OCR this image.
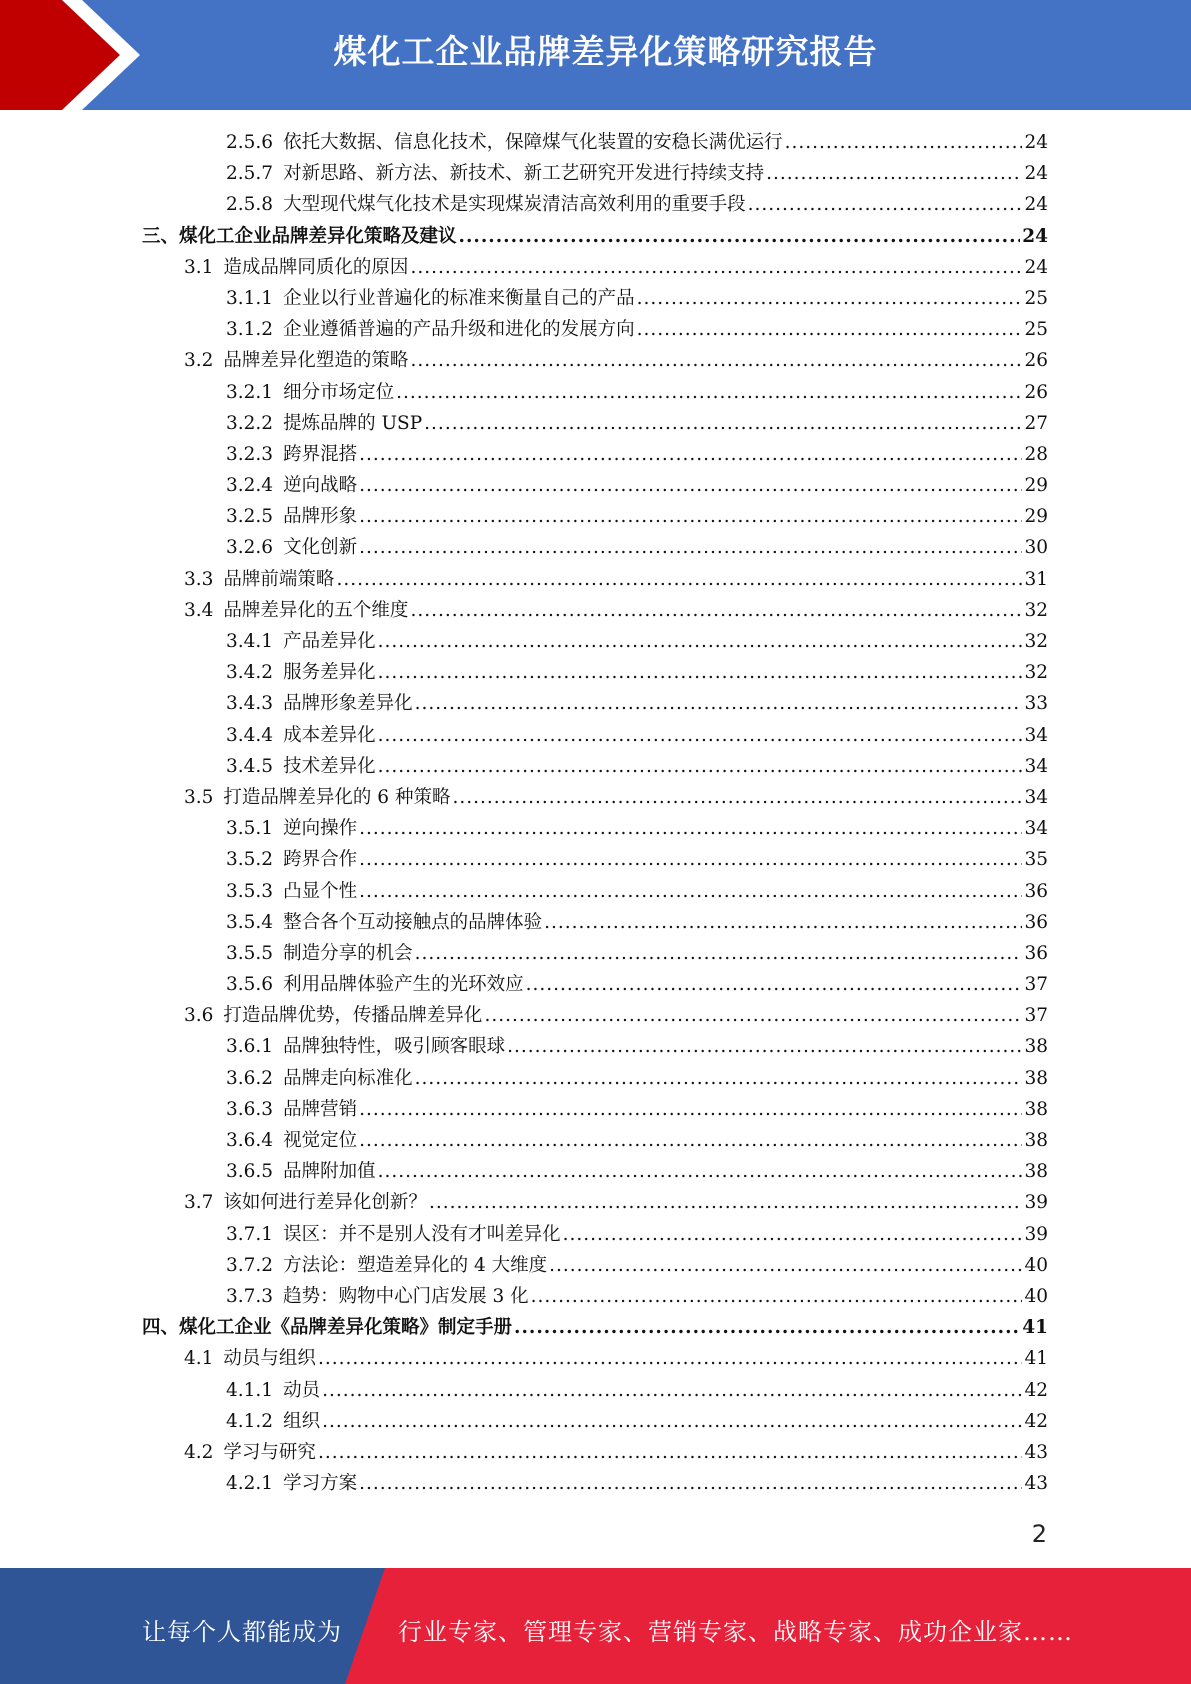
煤化工企业品牌差异化策略研究报告
2.5.6 依托大数据、信息化技术，保障煤气化装置的安稳长满优运行 .....	24
2.5.7 对新思路、新方法、新技术、新工艺研究开发进行持续支持 .....	24
2.5.8 大型现代煤气化技术是实现煤炭清洁高效利用的重要手段 .....	24
三、煤化工企业品牌差异化策略及建议 .....	24
3.1 造成品牌同质化的原因 .....	24
3.1.1 企业以行业普遍化的标准来衡量自己的产品 .....	25
3.1.2 企业遵循普遍的产品升级和进化的发展方向 .....	25
3.2 品牌差异化塑造的策略 .....	26
3.2.1 细分市场定位 .....	26
3.2.2 提炼品牌的 USP .....	27
3.2.3 跨界混搭 .....	28
3.2.4 逆向战略 .....	29
3.2.5 品牌形象 .....	29
3.2.6 文化创新 .....	30
3.3 品牌前端策略 .....	31
3.4 品牌差异化的五个维度 .....	32
3.4.1 产品差异化 .....	32
3.4.2 服务差异化 .....	32
3.4.3 品牌形象差异化 .....	33
3.4.4 成本差异化 .....	34
3.4.5 技术差异化 .....	34
3.5 打造品牌差异化的 6 种策略 .....	34
3.5.1 逆向操作 .....	34
3.5.2 跨界合作 .....	35
3.5.3 凸显个性 .....	36
3.5.4 整合各个互动接触点的品牌体验 .....	36
3.5.5 制造分享的机会 .....	36
3.5.6 利用品牌体验产生的光环效应 .....	37
3.6 打造品牌优势，传播品牌差异化 .....	37
3.6.1 品牌独特性，吸引顾客眼球 .....	38
3.6.2 品牌走向标准化 .....	38
3.6.3 品牌营销 .....	38
3.6.4 视觉定位 .....	38
3.6.5 品牌附加值 .....	38
3.7 该如何进行差异化创新？ .....	39
3.7.1 误区：并不是别人没有才叫差异化 .....	39
3.7.2 方法论：塑造差异化的 4 大维度 .....	40
3.7.3 趋势：购物中心门店发展 3 化 .....	40
四、煤化工企业《品牌差异化策略》制定手册 .....	41
4.1 动员与组织 .....	41
4.1.1 动员 .....	42
4.1.2 组织 .....	42
4.2 学习与研究 .....	43
4.2.1 学习方案 .....	43
2
让每个人都能成为 行业专家、管理专家、营销专家、战略专家、成功企业家……
